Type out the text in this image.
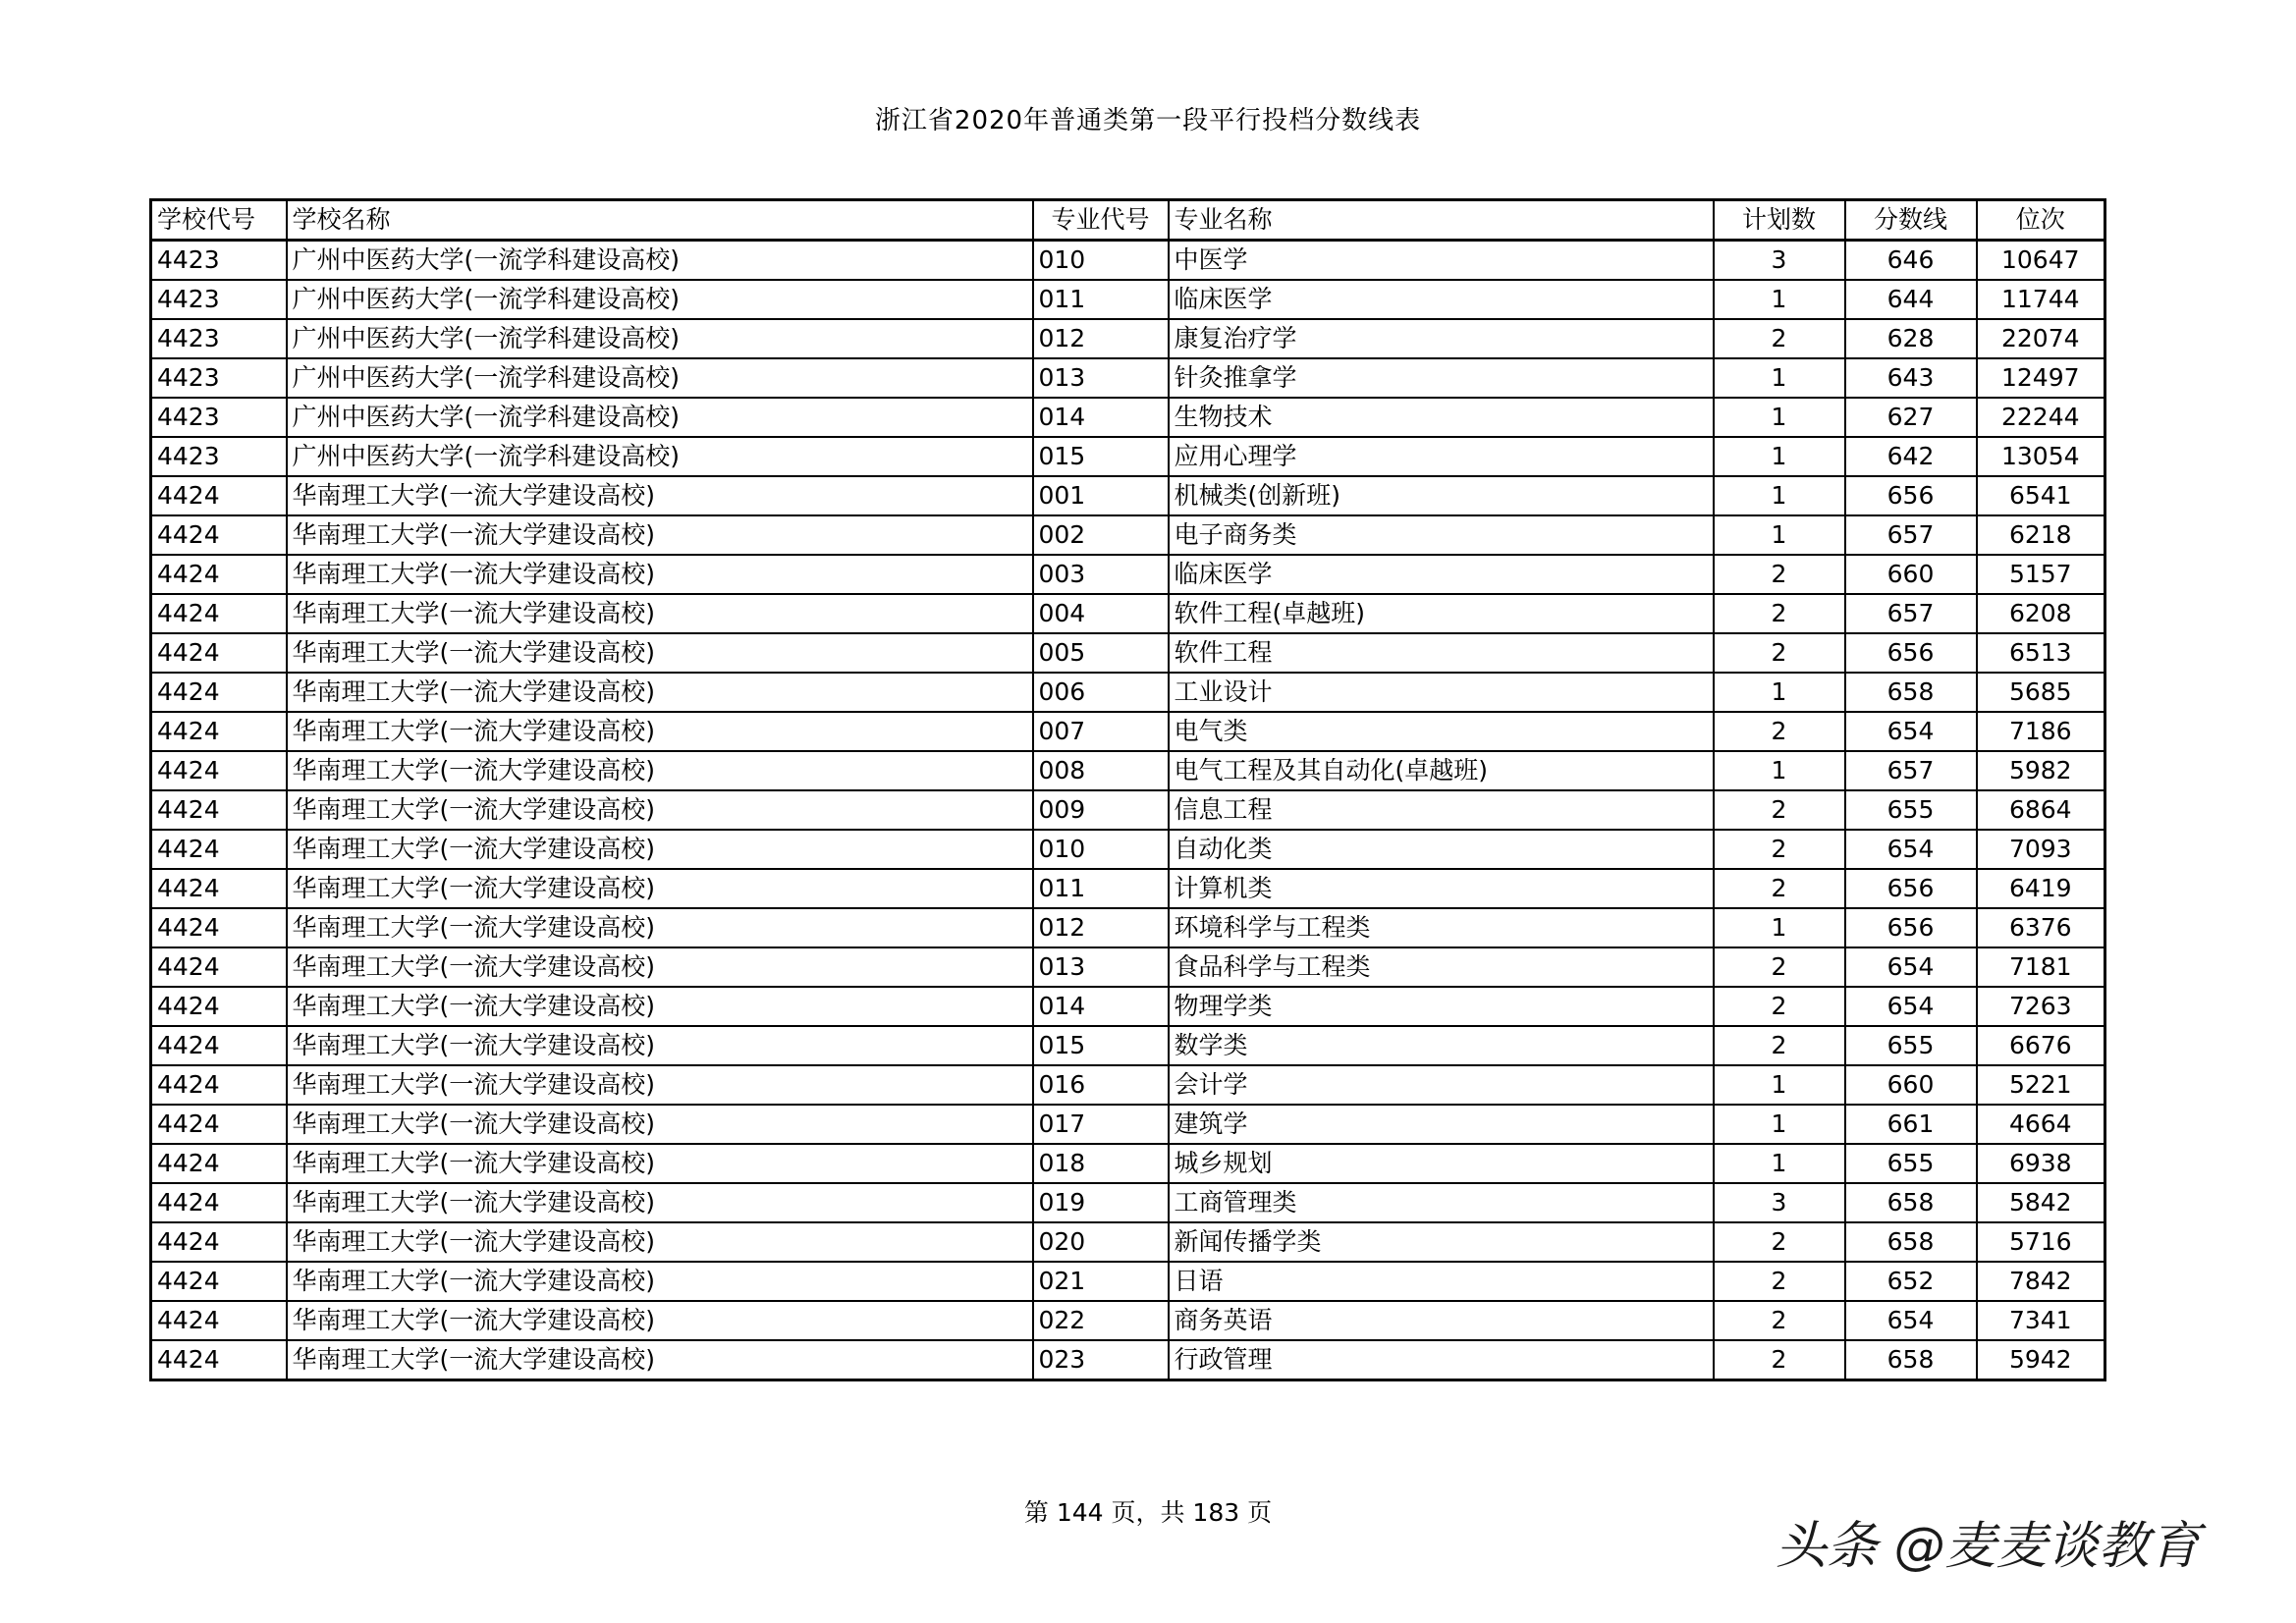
浙江省2020年普通类第一段平行投档分数线表
学校代号	学校名称	专业代号	专业名称	计划数	分数线	位次
4423	广州中医药大学(一流学科建设高校)	010	中医学	3	646	10647
4423	广州中医药大学(一流学科建设高校)	011	临床医学	1	644	11744
4423	广州中医药大学(一流学科建设高校)	012	康复治疗学	2	628	22074
4423	广州中医药大学(一流学科建设高校)	013	针灸推拿学	1	643	12497
4423	广州中医药大学(一流学科建设高校)	014	生物技术	1	627	22244
4423	广州中医药大学(一流学科建设高校)	015	应用心理学	1	642	13054
4424	华南理工大学(一流大学建设高校)	001	机械类(创新班)	1	656	6541
4424	华南理工大学(一流大学建设高校)	002	电子商务类	1	657	6218
4424	华南理工大学(一流大学建设高校)	003	临床医学	2	660	5157
4424	华南理工大学(一流大学建设高校)	004	软件工程(卓越班)	2	657	6208
4424	华南理工大学(一流大学建设高校)	005	软件工程	2	656	6513
4424	华南理工大学(一流大学建设高校)	006	工业设计	1	658	5685
4424	华南理工大学(一流大学建设高校)	007	电气类	2	654	7186
4424	华南理工大学(一流大学建设高校)	008	电气工程及其自动化(卓越班)	1	657	5982
4424	华南理工大学(一流大学建设高校)	009	信息工程	2	655	6864
4424	华南理工大学(一流大学建设高校)	010	自动化类	2	654	7093
4424	华南理工大学(一流大学建设高校)	011	计算机类	2	656	6419
4424	华南理工大学(一流大学建设高校)	012	环境科学与工程类	1	656	6376
4424	华南理工大学(一流大学建设高校)	013	食品科学与工程类	2	654	7181
4424	华南理工大学(一流大学建设高校)	014	物理学类	2	654	7263
4424	华南理工大学(一流大学建设高校)	015	数学类	2	655	6676
4424	华南理工大学(一流大学建设高校)	016	会计学	1	660	5221
4424	华南理工大学(一流大学建设高校)	017	建筑学	1	661	4664
4424	华南理工大学(一流大学建设高校)	018	城乡规划	1	655	6938
4424	华南理工大学(一流大学建设高校)	019	工商管理类	3	658	5842
4424	华南理工大学(一流大学建设高校)	020	新闻传播学类	2	658	5716
4424	华南理工大学(一流大学建设高校)	021	日语	2	652	7842
4424	华南理工大学(一流大学建设高校)	022	商务英语	2	654	7341
4424	华南理工大学(一流大学建设高校)	023	行政管理	2	658	5942
第 144 页，共 183 页
头条 @麦麦谈教育
